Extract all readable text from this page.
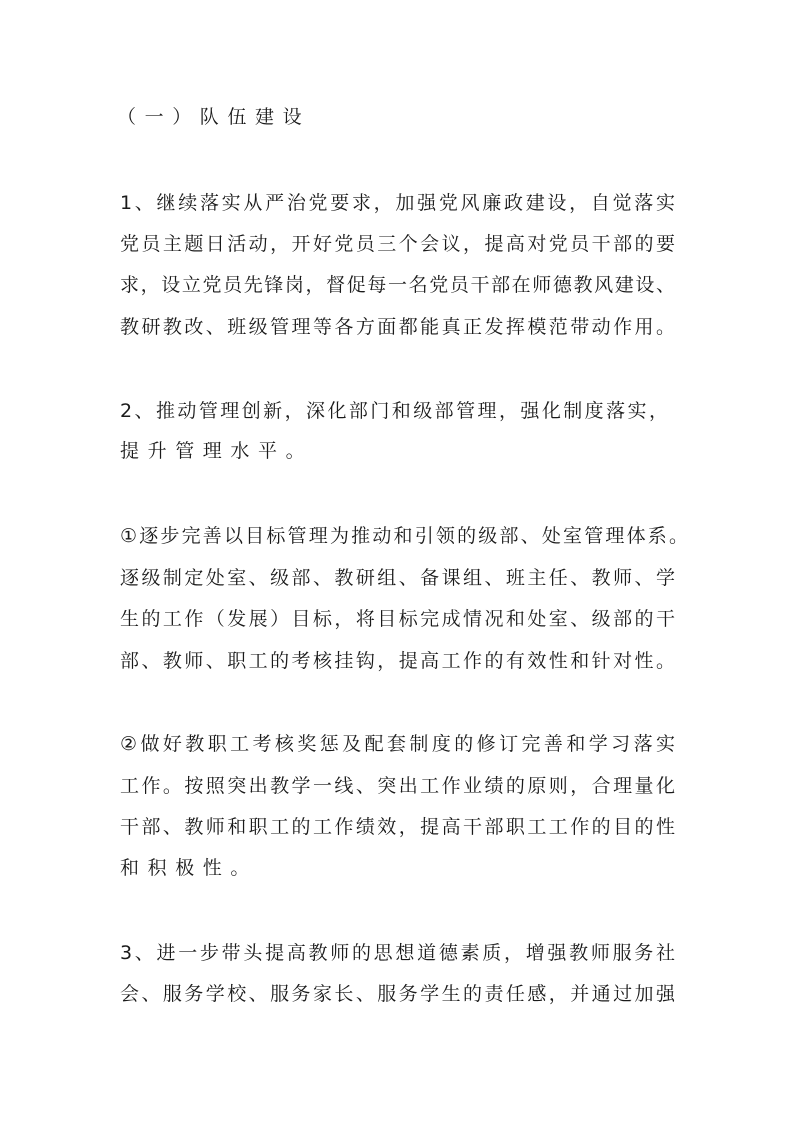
（一）队伍建设
1、继续落实从严治党要求，加强党风廉政建设，自觉落实
党员主题日活动，开好党员三个会议，提高对党员干部的要
求，设立党员先锋岗，督促每一名党员干部在师德教风建设、
教研教改、班级管理等各方面都能真正发挥模范带动作用。
2、推动管理创新，深化部门和级部管理，强化制度落实，
提升管理水平。
①逐步完善以目标管理为推动和引领的级部、处室管理体系。
逐级制定处室、级部、教研组、备课组、班主任、教师、学
生的工作（发展）目标，将目标完成情况和处室、级部的干
部、教师、职工的考核挂钩，提高工作的有效性和针对性。
②做好教职工考核奖惩及配套制度的修订完善和学习落实
工作。按照突出教学一线、突出工作业绩的原则，合理量化
干部、教师和职工的工作绩效，提高干部职工工作的目的性
和积极性。
3、进一步带头提高教师的思想道德素质，增强教师服务社
会、服务学校、服务家长、服务学生的责任感，并通过加强
